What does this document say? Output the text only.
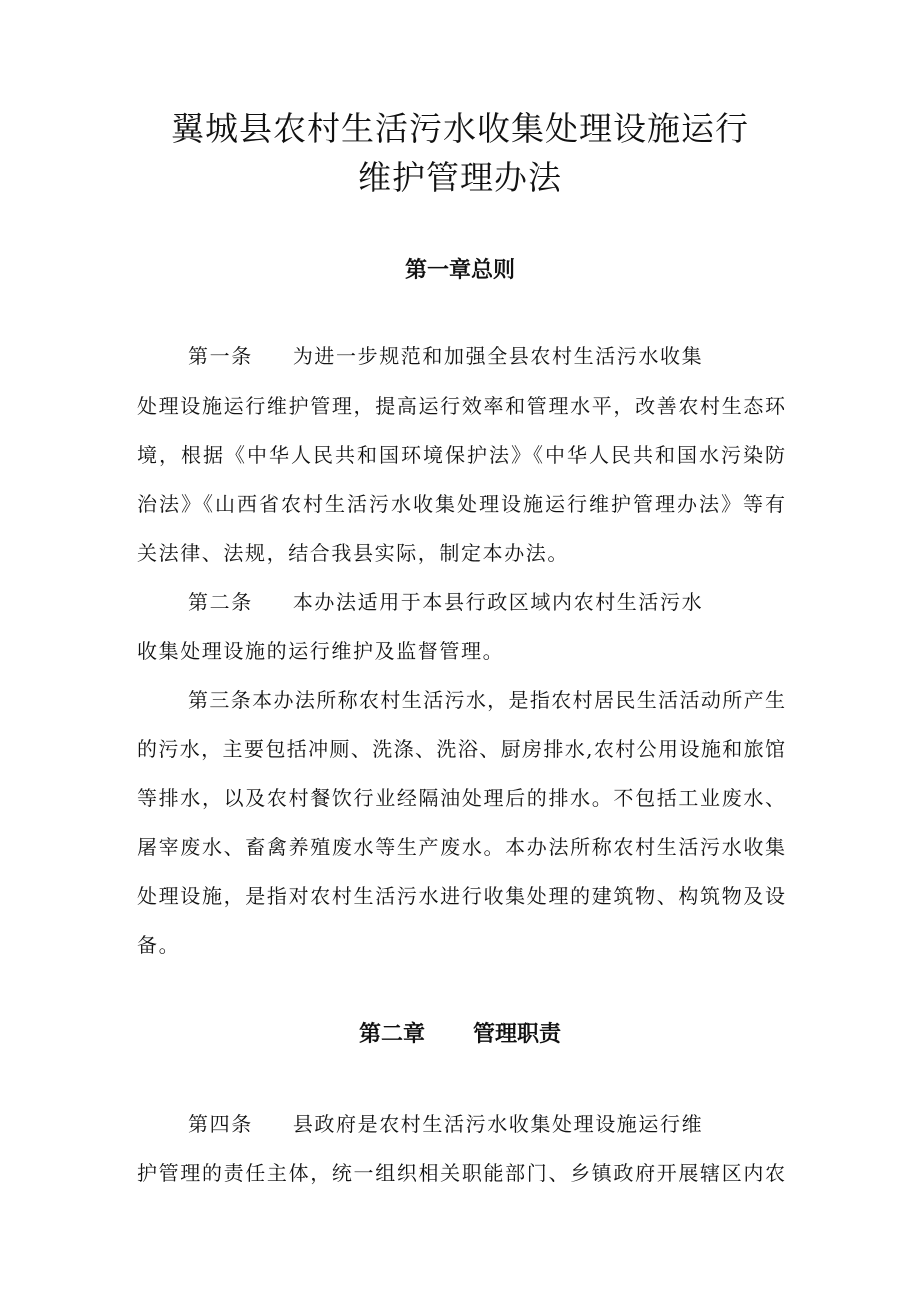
翼城县农村生活污水收集处理设施运行
维护管理办法
第一章总则
第一条 为进一步规范和加强全县农村生活污水收集
处理设施运行维护管理，提高运行效率和管理水平，改善农村生态环
境，根据《中华人民共和国环境保护法》《中华人民共和国水污染防
治法》《山西省农村生活污水收集处理设施运行维护管理办法》等有
关法律、法规，结合我县实际，制定本办法。
第二条 本办法适用于本县行政区域内农村生活污水
收集处理设施的运行维护及监督管理。
第三条本办法所称农村生活污水，是指农村居民生活活动所产生
的污水，主要包括冲厕、洗涤、洗浴、厨房排水,农村公用设施和旅馆
等排水，以及农村餐饮行业经隔油处理后的排水。不包括工业废水、
屠宰废水、畜禽养殖废水等生产废水。本办法所称农村生活污水收集
处理设施，是指对农村生活污水进行收集处理的建筑物、构筑物及设
备。
第二章 管理职责
第四条 县政府是农村生活污水收集处理设施运行维
护管理的责任主体，统一组织相关职能部门、乡镇政府开展辖区内农
